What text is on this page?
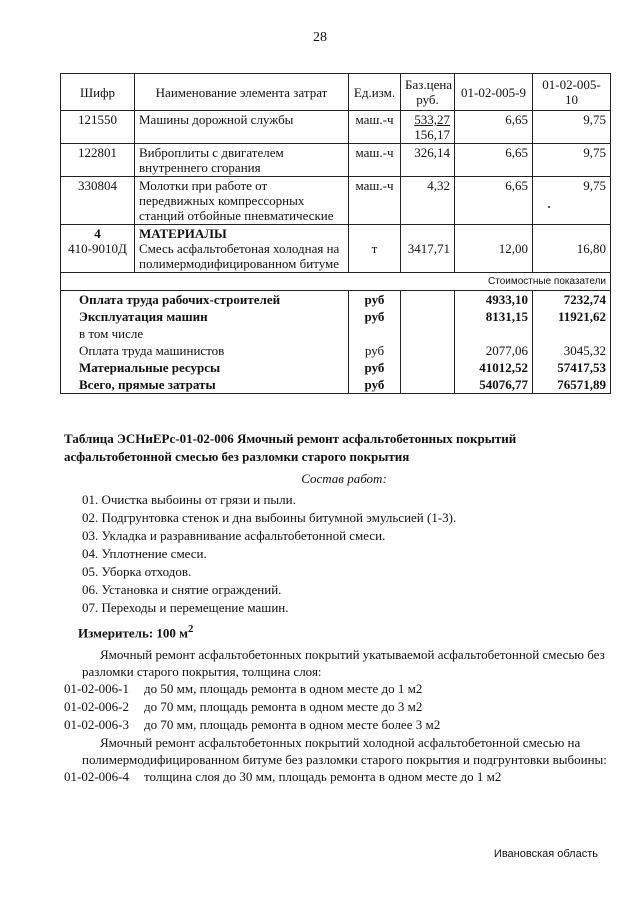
28
Шифр	Наименование элемента затрат	Ед.изм.	Баз.цена руб.	01-02-005-9	01-02-005-10
121550	Машины дорожной службы	маш.-ч	533,27	6,65	9,75
			156,17		
122801	Виброплиты с двигателем внутреннего сгорания	маш.-ч	326,14	6,65	9,75
330804	Молотки при работе от передвижных компрессорных станций отбойные пневматические	маш.-ч	4,32	6,65	9,75
4	МАТЕРИАЛЫ	т	3417,71	12,00	16,80
410-9010Д	Смесь асфальтобетоная холодная на полимермодифицированном битуме				
Стоимостные показатели					
Оплата труда рабочих-строителей		руб		4933,10	7232,74
Эксплуатация машин		руб		8131,15	11921,62
в том числе					
Оплата труда машинистов		руб		2077,06	3045,32
Материальные ресурсы		руб		41012,52	57417,53
Всего, прямые затраты		руб		54076,77	76571,89

Таблица ЭСНиЕРс-01-02-006 Ямочный ремонт асфальтобетонных покрытий асфальтобетонной смесью без разломки старого покрытия

Состав работ:

01. Очистка выбоины от грязи и пыли.
02. Подгрунтовка стенок и дна выбоины битумной эмульсией (1-3).
03. Укладка и разравнивание асфальтобетонной смеси.
04. Уплотнение смеси.
05. Уборка отходов.
06. Установка и снятие ограждений.
07. Переходы и перемещение машин.
Измеритель: 100 $м^2$

Ямочный ремонт асфальтобетонных покрытий укатываемой асфальтобетонной смесью без разломки старого покрытия, толщина слоя:

01-02-006-1 до 50 мм, площадь ремонта в одном месте до 1 м2
01-02-006-2 до 70 мм, площадь ремонта в одном месте до 3 м2
01-02-006-3 до 70 мм, площадь ремонта в одном месте более 3 м2

Ямочный ремонт асфальтобетонных покрытий холодной асфальтобетонной смесью на полимермодифицированном битуме без разломки старого покрытия и подгрунтовки выбоины:

01-02-006-4 толщина слоя до 30 мм, площадь ремонта в одном месте до 1 м2
Ивановская область
